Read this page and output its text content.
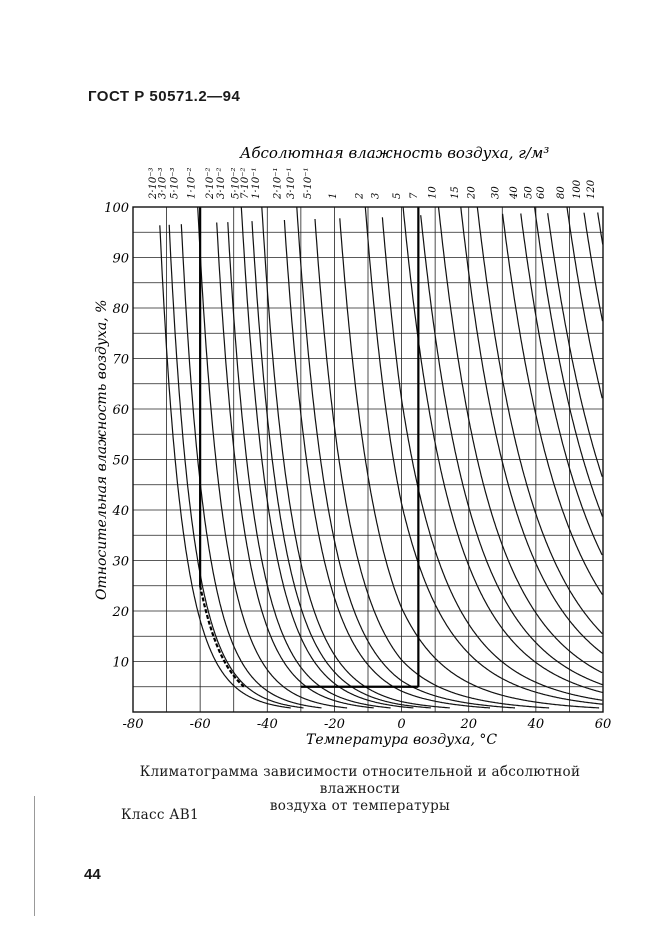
ГОСТ Р 50571.2—94
2·10⁻³
3·10⁻³ 5·10⁻³ 1·10⁻² 2·10⁻² 3·10⁻² 5·10⁻²
7·10⁻² 1·10⁻¹ 2·10⁻¹ 3·10⁻¹ 5·10⁻¹ 1 2 3 5 7 10 15 20 30 40 50 60 80 100 120
-80	-60	-40	-20	0	20	40	60
100
90
80
70
60
50
40
30
20
10
Абсолютная влажность воздуха, г/м³
Температура воздуха, °С
Относительная влажность воздуха, %
Климатограмма зависимости относительной и абсолютной влажности
воздуха от температуры
Класс АВ1
44
